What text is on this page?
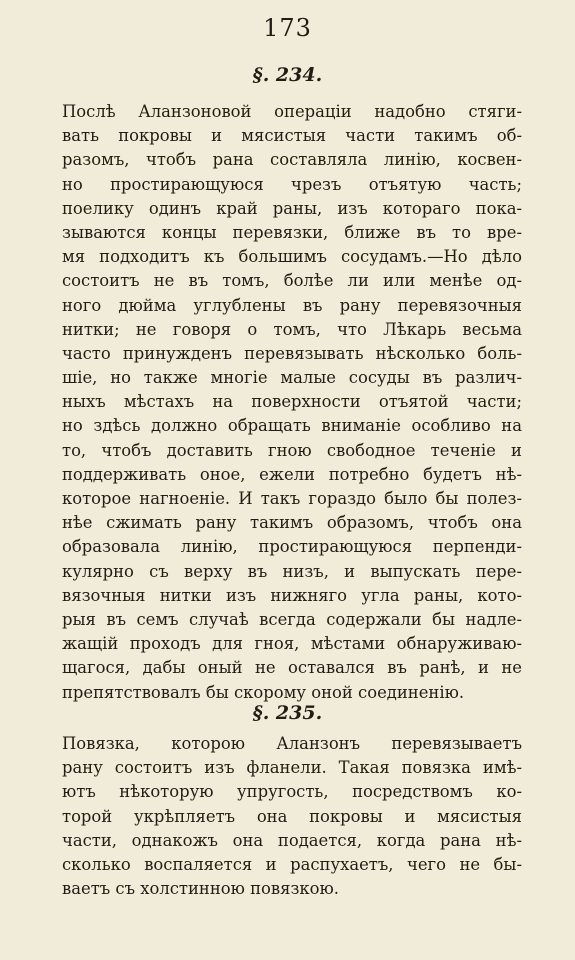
173
§. 234.
Послѣ Аланзоновой операціи надобно стяги-
вать покровы и мясистыя части такимъ об-
разомъ, чтобъ рана составляла линію, косвен-
но простирающуюся чрезъ отъятую часть;
поелику одинъ край раны, изъ котораго пока-
зываются концы перевязки, ближе въ то вре-
мя подходитъ къ большимъ сосудамъ.—Но дѣло
состоитъ не въ томъ, болѣе ли или менѣе од-
ного дюйма углублены въ рану перевязочныя
нитки; не говоря о томъ, что Лѣкарь весьма
часто принужденъ перевязывать нѣсколько боль-
шіе, но также многіе малые сосуды въ различ-
ныхъ мѣстахъ на поверхности отъятой части;
но здѣсь должно обращать вниманіе особливо на
то, чтобъ доставить гною свободное теченіе и
поддерживать оное, ежели потребно будетъ нѣ-
которое нагноеніе. И такъ гораздо было бы полез-
нѣе сжимать рану такимъ образомъ, чтобъ она
образовала линію, простирающуюся перпенди-
кулярно съ верху въ низъ, и выпускать пере-
вязочныя нитки изъ нижняго угла раны, кото-
рыя въ семъ случаѣ всегда содержали бы надле-
жащій проходъ для гноя, мѣстами обнаруживаю-
щагося, дабы оный не оставался въ ранѣ, и не
препятствовалъ бы скорому оной соединенію.
§. 235.
Повязка, которою Аланзонъ перевязываетъ
рану состоитъ изъ фланели. Такая повязка имѣ-
ютъ нѣкоторую упругость, посредствомъ ко-
торой укрѣпляетъ она покровы и мясистыя
части, однакожъ она подается, когда рана нѣ-
сколько воспаляется и распухаетъ, чего не бы-
ваетъ съ холстинною повязкою.
